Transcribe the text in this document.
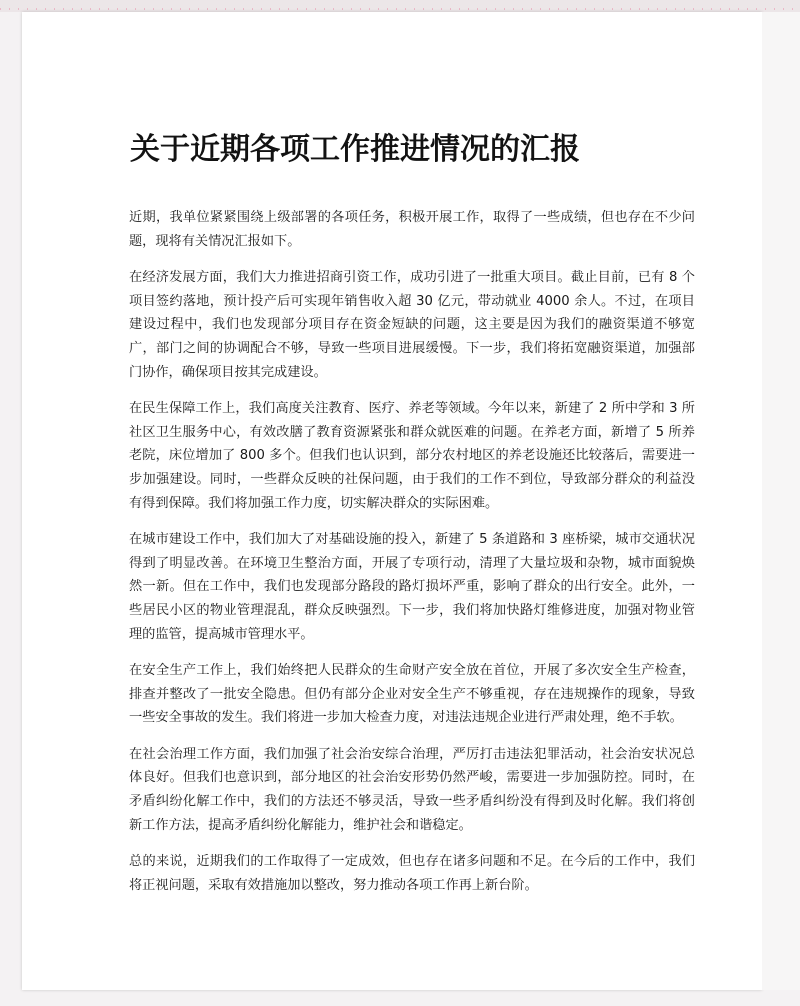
关于近期各项工作推进情况的汇报

近期，我单位紧紧围绕上级部署的各项任务，积极开展工作，取得了一些成绩，但也存在不少问题，现将有关情况汇报如下。

在经济发展方面，我们大力推进招商引资工作，成功引进了一批重大项目。截止目前，已有 8 个项目签约落地，预计投产后可实现年销售收入超 30 亿元，带动就业 4000 余人。不过，在项目建设过程中，我们也发现部分项目存在资金短缺的问题，这主要是因为我们的融资渠道不够宽广，部门之间的协调配合不够，导致一些项目进展缓慢。下一步，我们将拓宽融资渠道，加强部门协作，确保项目按其完成建设。

在民生保障工作上，我们高度关注教育、医疗、养老等领域。今年以来，新建了 2 所中学和 3 所社区卫生服务中心，有效改膳了教育资源紧张和群众就医难的问题。在养老方面，新增了 5 所养老院，床位增加了 800 多个。但我们也认识到，部分农村地区的养老设施还比较落后，需要进一步加强建设。同时，一些群众反映的社保问题，由于我们的工作不到位，导致部分群众的利益没有得到保障。我们将加强工作力度，切实解决群众的实际困难。

在城市建设工作中，我们加大了对基础设施的投入，新建了 5 条道路和 3 座桥梁，城市交通状况得到了明显改善。在环境卫生整治方面，开展了专项行动，清理了大量垃圾和杂物，城市面貌焕然一新。但在工作中，我们也发现部分路段的路灯损坏严重，影响了群众的出行安全。此外，一些居民小区的物业管理混乱，群众反映强烈。下一步，我们将加快路灯维修进度，加强对物业管理的监管，提高城市管理水平。

在安全生产工作上，我们始终把人民群众的生命财产安全放在首位，开展了多次安全生产检查，排查并整改了一批安全隐患。但仍有部分企业对安全生产不够重视，存在违规操作的现象，导致一些安全事故的发生。我们将进一步加大检查力度，对违法违规企业进行严肃处理，绝不手软。

在社会治理工作方面，我们加强了社会治安综合治理，严厉打击违法犯罪活动，社会治安状况总体良好。但我们也意识到，部分地区的社会治安形势仍然严峻，需要进一步加强防控。同时，在矛盾纠纷化解工作中，我们的方法还不够灵活，导致一些矛盾纠纷没有得到及时化解。我们将创新工作方法，提高矛盾纠纷化解能力，维护社会和谐稳定。

总的来说，近期我们的工作取得了一定成效，但也存在诸多问题和不足。在今后的工作中，我们将正视问题，采取有效措施加以整改，努力推动各项工作再上新台阶。
